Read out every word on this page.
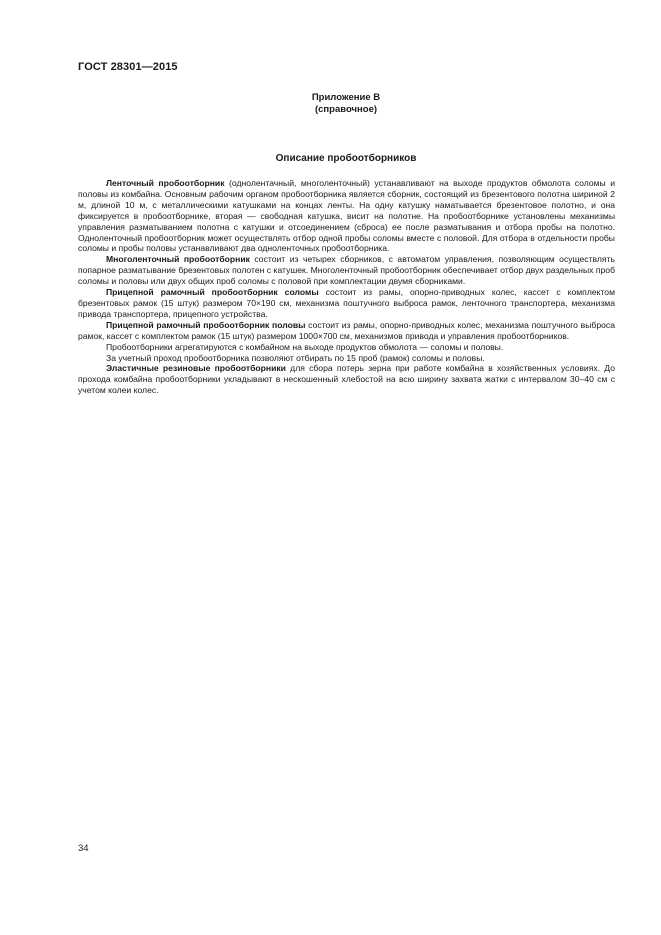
ГОСТ 28301—2015
Приложение В
(справочное)
Описание пробоотборников

Ленточный пробоотборник (однолентачный, многоленточный) устанавливают на выходе продуктов обмолота соломы и половы из комбайна. Основным рабочим органом пробоотборника является сборник, состоящий из брезентового полотна шириной 2 м, длиной 10 м, с металлическими катушками на концах ленты. На одну катушку наматывается брезентовое полотно, и она фиксируется в пробоотборнике, вторая — свободная катушка, висит на полотне. На пробоотборнике установлены механизмы управления разматыванием полотна с катушки и отсоединением (сброса) ее после разматывания и отбора пробы на полотно. Одноленточный пробоотборник может осуществлять отбор одной пробы соломы вместе с половой. Для отбора в отдельности пробы соломы и пробы половы устанавливают два одноленточных пробоотборника.

Многоленточный пробоотборник состоит из четырех сборников, с автоматом управления, позволяющим осуществлять попарное разматывание брезентовых полотен с катушек. Многоленточный пробоотборник обеспечивает отбор двух раздельных проб соломы и половы или двух общих проб соломы с половой при комплектации двумя сборниками.

Прицепной рамочный пробоотборник соломы состоит из рамы, опорно-приводных колес, кассет с комплектом брезентовых рамок (15 штук) размером 70×190 см, механизма поштучного выброса рамок, ленточного транспортера, механизма привода транспортера, прицепного устройства.

Прицепной рамочный пробоотборник половы состоит из рамы, опорно-приводных колес, механизма поштучного выброса рамок, кассет с комплектом рамок (15 штук) размером 1000×700 см, механизмов привода и управления пробоотборников.

Пробоотборники агрегатируются с комбайном на выходе продуктов обмолота — соломы и половы.

За учетный проход пробоотборника позволяют отбирать по 15 проб (рамок) соломы и половы.

Эластичные резиновые пробоотборники для сбора потерь зерна при работе комбайна в хозяйственных условиях. До прохода комбайна пробоотборники укладывают в нескошенный хлебостой на всю ширину захвата жатки с интервалом 30–40 см с учетом колеи колес.

34
